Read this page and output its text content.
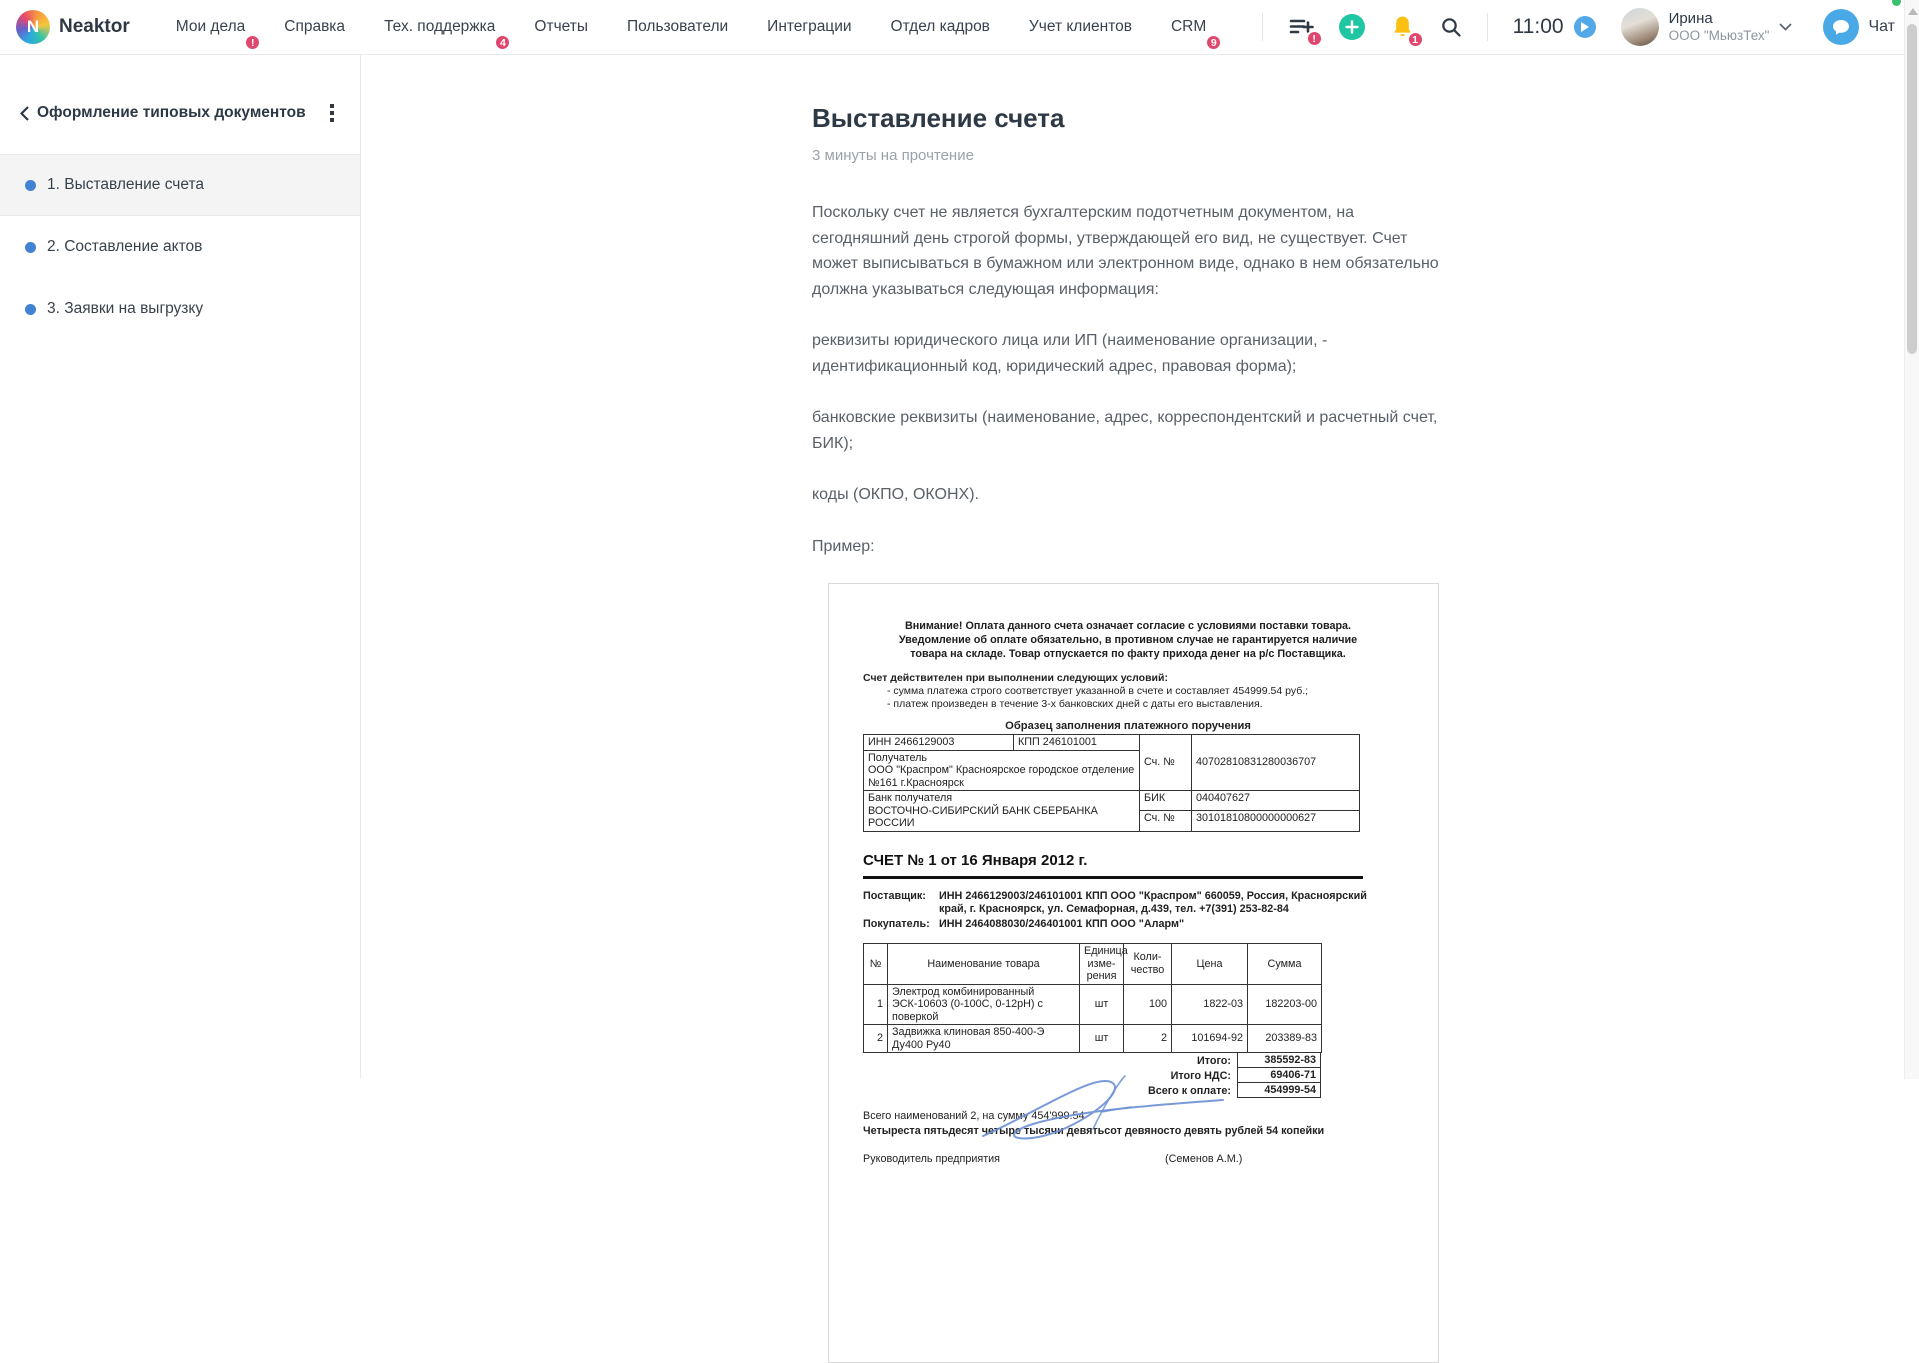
N Neaktor	Мои дела
!
Справка	Тех. поддержка
4
Отчеты	Пользователи	Интеграции	Отдел кадров	Учет клиентов	CRM
9	!	1
11:00	Ирина
ООО "МьюзТех"
Чат
Оформление типовых документов
1. Выставление счета
2. Составление актов
3. Заявки на выгрузку
Выставление счета
3 минуты на прочтение

Поскольку счет не является бухгалтерским подотчетным документом, на сегодняшний день строгой формы, утверждающей его вид, не существует. Счет может выписываться в бумажном или электронном виде, однако в нем обязательно должна указываться следующая информация:

реквизиты юридического лица или ИП (наименование организации, - идентификационный код, юридический адрес, правовая форма);

банковские реквизиты (наименование, адрес, корреспондентский и расчетный счет, БИК);

коды (ОКПО, ОКОНХ).

Пример:

Внимание! Оплата данного счета означает согласие с условиями поставки товара. Уведомление об оплате обязательно, в противном случае не гарантируется наличие товара на складе. Товар отпускается по факту прихода денег на р/с Поставщика.
Счет действителен при выполнении следующих условий:
- сумма платежа строго соответствует указанной в счете и составляет 454999.54 руб.;
- платеж произведен в течение 3-х банковских дней с даты его выставления.
Образец заполнения платежного поручения
ИНН 2466129003	КПП 246101001	Сч. №	40702810831280036707

Получатель
ООО "Краспром" Красноярское городское отделение №161 г.Красноярск			

Банк получателя
ВОСТОЧНО-СИБИРСКИЙ БАНК СБЕРБАНКА РОССИИ		БИК	040407627
		Сч. №	30101810800000000627
СЧЕТ № 1 от 16 Января 2012 г.
Поставщик:	ИНН 2466129003/246101001 КПП ООО "Краспром" 660059, Россия, Красноярский край, г. Красноярск, ул. Семафорная, д.439, тел. +7(391) 253-82-84
Покупатель: ИНН 2464088030/246401001 КПП ООО "Аларм"
№	Наименование товара	Единица изме- рения	Коли- чество	Цена	Сумма
1	Электрод комбинированный ЭСК-10603 (0-100С, 0-12рН) с поверкой	шт	100	1822-03	182203-00
2	Задвижка клиновая 850-400-Э Ду400 Ру40	шт	2	101694-92	203389-83
Итого:	385592-83
Итого НДС:	69406-71
Всего к оплате:	454999-54
Всего наименований 2, на сумму 454'999.54
Четыреста пятьдесят четыре тысячи девятьсот девяносто девять рублей 54 копейки
Руководитель предприятия	(Семенов А.М.)
